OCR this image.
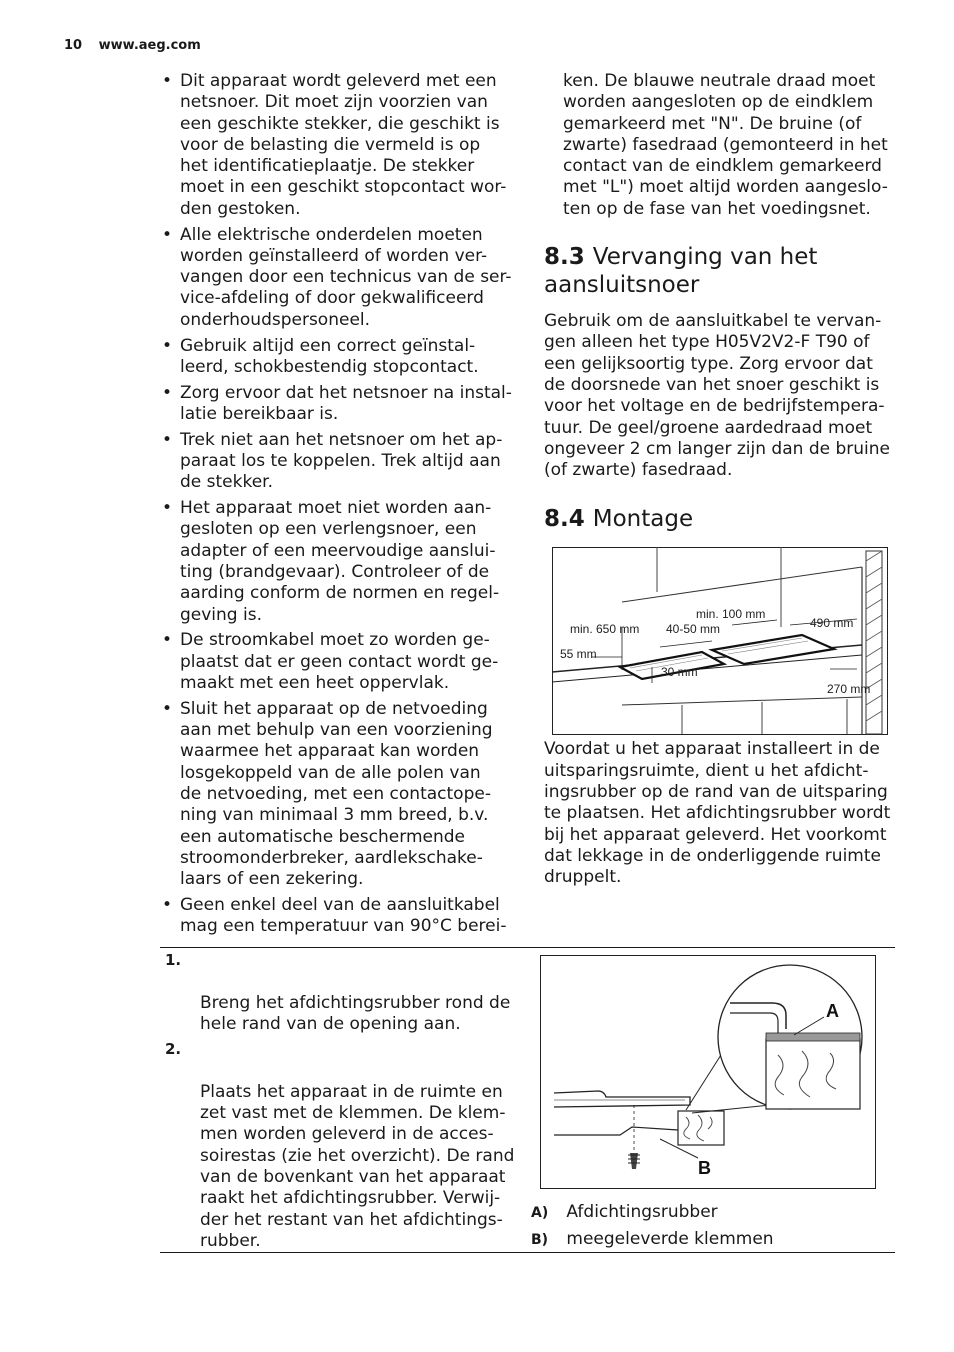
10 www.aeg.com
• Dit apparaat wordt geleverd met een
netsnoer. Dit moet zijn voorzien van
een geschikte stekker, die geschikt is
voor de belasting die vermeld is op
het identificatieplaatje. De stekker
moet in een geschikt stopcontact wor-
den gestoken.
• Alle elektrische onderdelen moeten
worden geïnstalleerd of worden ver-
vangen door een technicus van de ser-
vice-afdeling of door gekwalificeerd
onderhoudspersoneel.
• Gebruik altijd een correct geïnstal-
leerd, schokbestendig stopcontact.
• Zorg ervoor dat het netsnoer na instal-
latie bereikbaar is.
• Trek niet aan het netsnoer om het ap-
paraat los te koppelen. Trek altijd aan
de stekker.
• Het apparaat moet niet worden aan-
gesloten op een verlengsnoer, een
adapter of een meervoudige aanslui-
ting (brandgevaar). Controleer of de
aarding conform de normen en regel-
geving is.
• De stroomkabel moet zo worden ge-
plaatst dat er geen contact wordt ge-
maakt met een heet oppervlak.
• Sluit het apparaat op de netvoeding
aan met behulp van een voorziening
waarmee het apparaat kan worden
losgekoppeld van de alle polen van
de netvoeding, met een contactope-
ning van minimaal 3 mm breed, b.v.
een automatische beschermende
stroomonderbreker, aardlekschake-
laars of een zekering.
• Geen enkel deel van de aansluitkabel
mag een temperatuur van 90°C berei-

ken. De blauwe neutrale draad moet
worden aangesloten op de eindklem
gemarkeerd met "N". De bruine (of
zwarte) fasedraad (gemonteerd in het
contact van de eindklem gemarkeerd
met "L") moet altijd worden aangeslo-
ten op de fase van het voedingsnet.

8.3 Vervanging van het
aansluitsnoer

Gebruik om de aansluitkabel te vervan-
gen alleen het type H05V2V2-F T90 of
een gelijksoortig type. Zorg ervoor dat
de doorsnede van het snoer geschikt is
voor het voltage en de bedrijfstempera-
tuur. De geel/groene aardedraad moet
ongeveer 2 cm langer zijn dan de bruine
(of zwarte) fasedraad.

8.4 Montage
min. 650 mm
min. 100 mm
40-50 mm	490 mm
55 mm
30 mm
270 mm

Voordat u het apparaat installeert in de
uitsparingsruimte, dient u het afdicht-
ingsrubber op de rand van de uitsparing
te plaatsen. Het afdichtingsrubber wordt
bij het apparaat geleverd. Het voorkomt
dat lekkage in de onderliggende ruimte
druppelt.

1.

Breng het afdichtingsrubber rond de
hele rand van de opening aan.

2.

Plaats het apparaat in de ruimte en
zet vast met de klemmen. De klem-
men worden geleverd in de acces-
soirestas (zie het overzicht). De rand
van de bovenkant van het apparaat
raakt het afdichtingsrubber. Verwij-
der het restant van het afdichtings-
rubber.

B
A
A) Afdichtingsrubber
B) meegeleverde klemmen
